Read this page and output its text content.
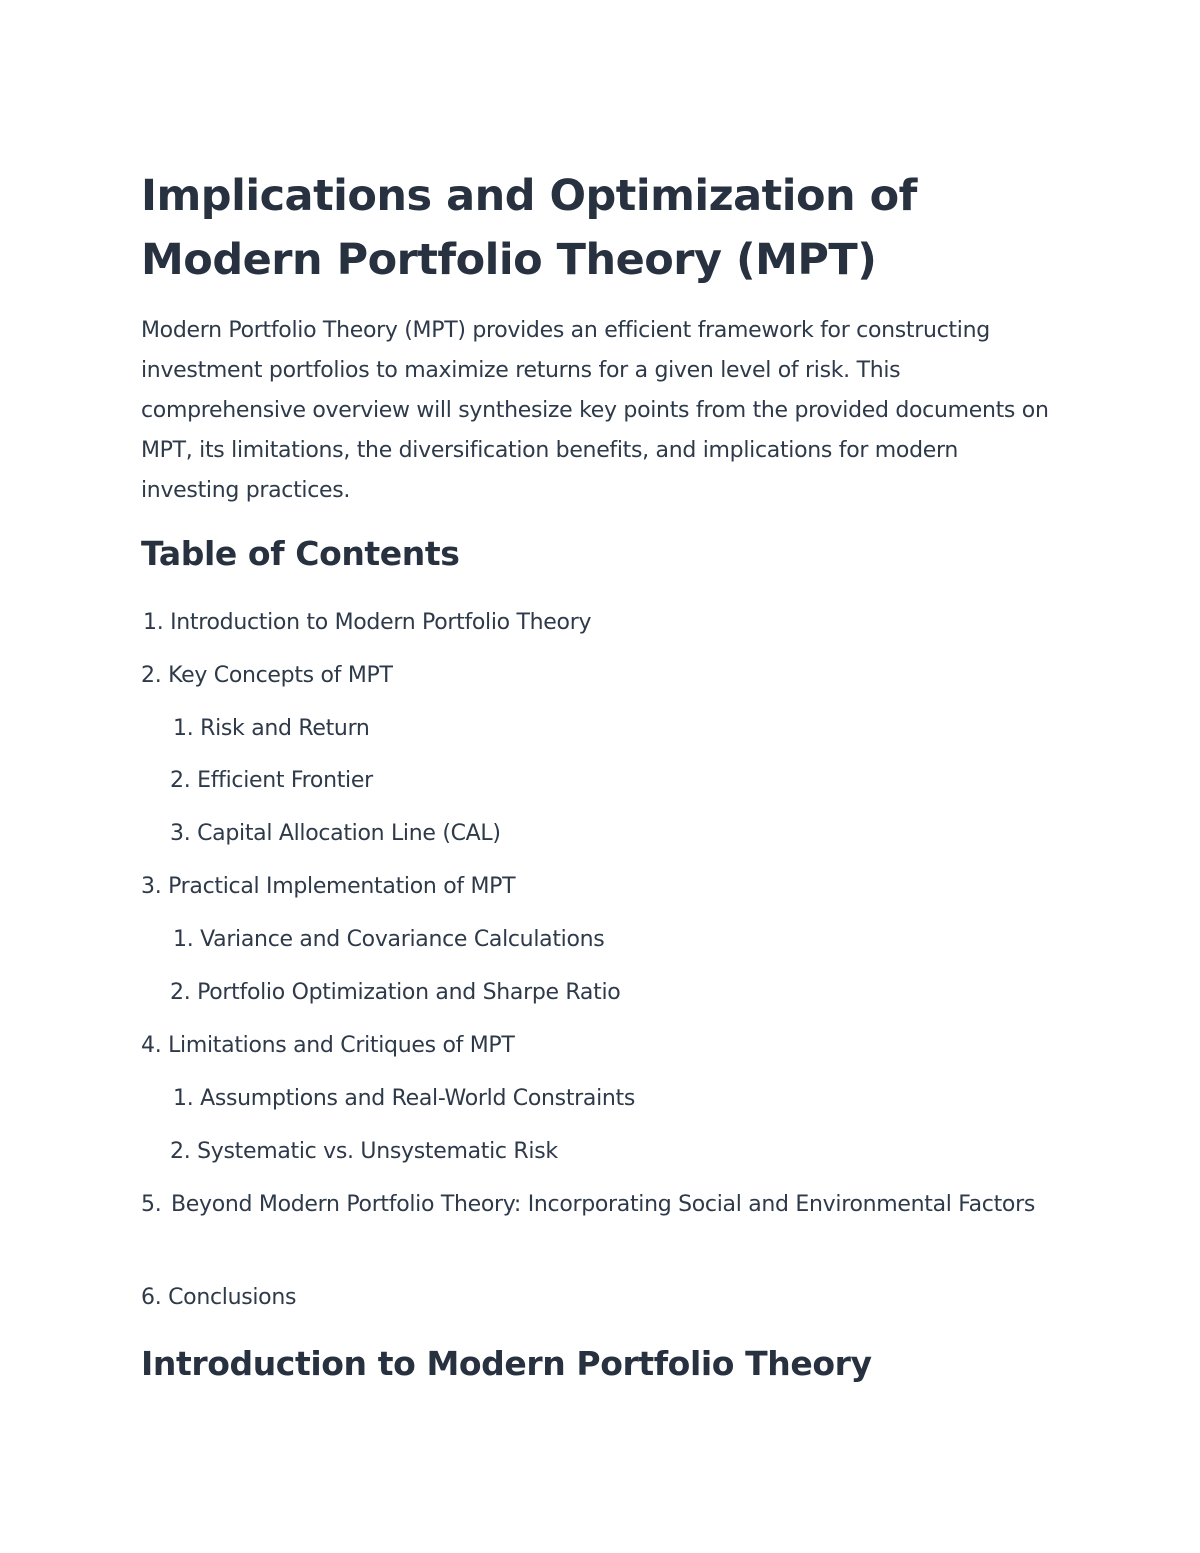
Implications and Optimization of Modern Portfolio Theory (MPT)

Modern Portfolio Theory (MPT) provides an efficient framework for constructing investment portfolios to maximize returns for a given level of risk. This comprehensive overview will synthesize key points from the provided documents on MPT, its limitations, the diversification benefits, and implications for modern investing practices.

Table of Contents
1. Introduction to Modern Portfolio Theory
2. Key Concepts of MPT
1. Risk and Return
2. Efficient Frontier
3. Capital Allocation Line (CAL)
3. Practical Implementation of MPT
1. Variance and Covariance Calculations
2. Portfolio Optimization and Sharpe Ratio
4. Limitations and Critiques of MPT
1. Assumptions and Real-World Constraints
2. Systematic vs. Unsystematic Risk
5. Beyond Modern Portfolio Theory: Incorporating Social and Environmental Factors
6. Conclusions
Introduction to Modern Portfolio Theory
